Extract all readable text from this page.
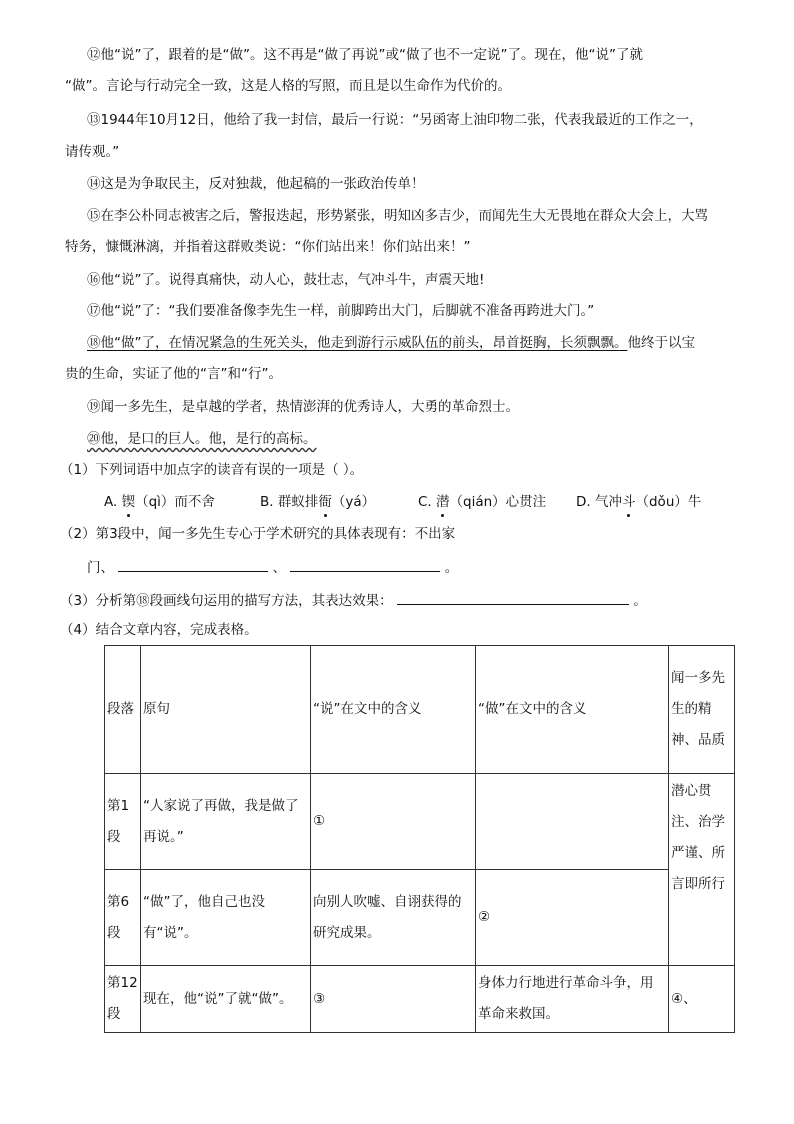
⑫他“说”了，跟着的是“做”。这不再是“做了再说”或“做了也不一定说”了。现在，他“说”了就
“做”。言论与行动完全一致，这是人格的写照，而且是以生命作为代价的。
⑬1944年10月12日，他给了我一封信，最后一行说：“另函寄上油印物二张，代表我最近的工作之一，
请传观。”
⑭这是为争取民主，反对独裁，他起稿的一张政治传单！
⑮在李公朴同志被害之后，警报迭起，形势紧张，明知凶多吉少，而闻先生大无畏地在群众大会上，大骂
特务，慷慨淋漓，并指着这群败类说：“你们站出来！你们站出来！”
⑯他“说”了。说得真痛快，动人心，鼓壮志，气冲斗牛，声震天地!
⑰他“说”了：“我们要准备像李先生一样，前脚跨出大门，后脚就不准备再跨进大门。”
⑱他“做”了，在情况紧急的生死关头，他走到游行示威队伍的前头，昂首挺胸，长须飘飘。他终于以宝
贵的生命，实证了他的“言”和“行”。
⑲闻一多先生，是卓越的学者，热情澎湃的优秀诗人，大勇的革命烈士。
⑳他，是口的巨人。他，是行的高标。
（1）下列词语中加点字的读音有误的一项是（ ）。
A. 锲（qì）而不舍	B. 群蚁排衙（yá）	C. 潜（qián）心贯注 D. 气冲斗（dǒu）牛
（2）第3段中，闻一多先生专心于学术研究的具体表现有：不出家
门、	、	。
（3）分析第⑱段画线句运用的描写方法，其表达效果：	。
（4）结合文章内容，完成表格。
段落	原句	“说”在文中的含义	“做”在文中的含义	闻一多先生的精神、品质
第1段	“人家说了再做，我是做了再说。”	①		潜心贯注、治学严谨、所言即所行
第6段	“做”了，他自己也没有“说”。	向别人吹嘘、自诩获得的研究成果。	②	
第12段	现在，他“说”了就“做”。	③	身体力行地进行革命斗争，用革命来救国。	④、
